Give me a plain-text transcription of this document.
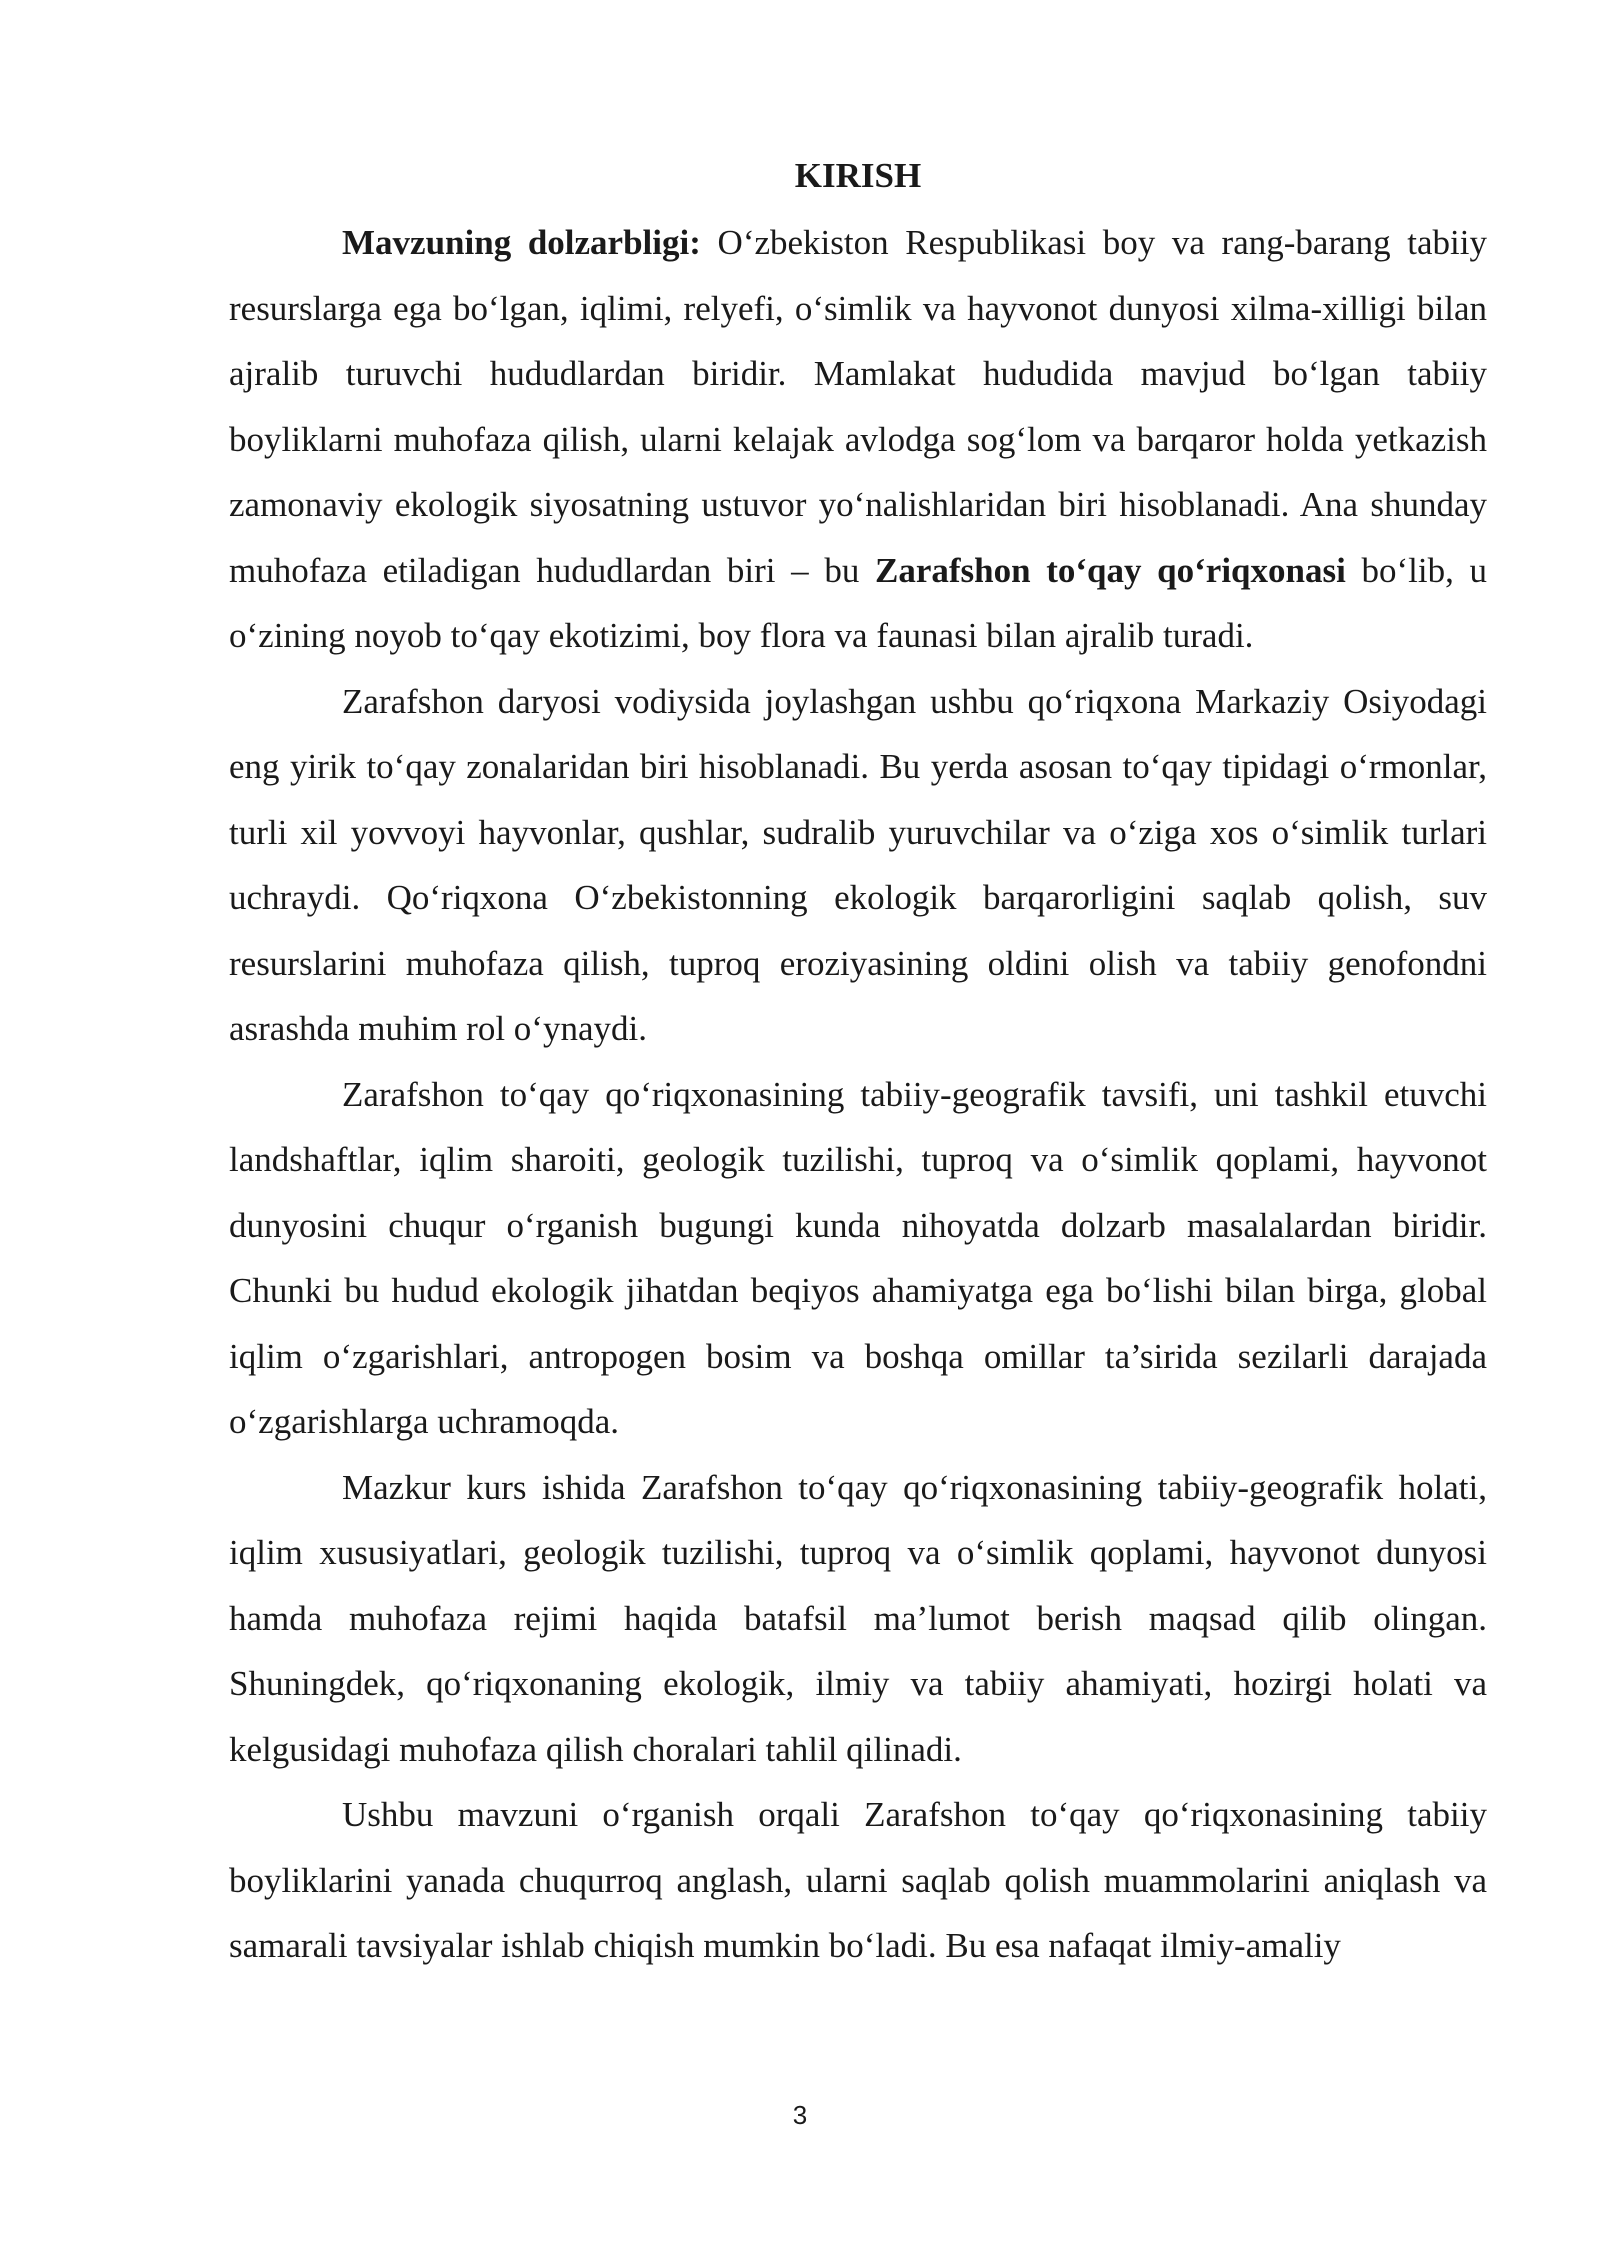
KIRISH

Mavzuning dolzarbligi: O‘zbekiston Respublikasi boy va rang-barang tabiiy resurslarga ega bo‘lgan, iqlimi, relyefi, o‘simlik va hayvonot dunyosi xilma-xilligi bilan ajralib turuvchi hududlardan biridir. Mamlakat hududida mavjud bo‘lgan tabiiy boyliklarni muhofaza qilish, ularni kelajak avlodga sog‘lom va barqaror holda yetkazish zamonaviy ekologik siyosatning ustuvor yo‘nalishlaridan biri hisoblanadi. Ana shunday muhofaza etiladigan hududlardan biri – bu Zarafshon to‘qay qo‘riqxonasi bo‘lib, u o‘zining noyob to‘qay ekotizimi, boy flora va faunasi bilan ajralib turadi.

Zarafshon daryosi vodiysida joylashgan ushbu qo‘riqxona Markaziy Osiyodagi eng yirik to‘qay zonalaridan biri hisoblanadi. Bu yerda asosan to‘qay tipidagi o‘rmonlar, turli xil yovvoyi hayvonlar, qushlar, sudralib yuruvchilar va o‘ziga xos o‘simlik turlari uchraydi. Qo‘riqxona O‘zbekistonning ekologik barqarorligini saqlab qolish, suv resurslarini muhofaza qilish, tuproq eroziyasining oldini olish va tabiiy genofondni asrashda muhim rol o‘ynaydi.

Zarafshon to‘qay qo‘riqxonasining tabiiy-geografik tavsifi, uni tashkil etuvchi landshaftlar, iqlim sharoiti, geologik tuzilishi, tuproq va o‘simlik qoplami, hayvonot dunyosini chuqur o‘rganish bugungi kunda nihoyatda dolzarb masalalardan biridir. Chunki bu hudud ekologik jihatdan beqiyos ahamiyatga ega bo‘lishi bilan birga, global iqlim o‘zgarishlari, antropogen bosim va boshqa omillar ta’sirida sezilarli darajada o‘zgarishlarga uchramoqda.

Mazkur kurs ishida Zarafshon to‘qay qo‘riqxonasining tabiiy-geografik holati, iqlim xususiyatlari, geologik tuzilishi, tuproq va o‘simlik qoplami, hayvonot dunyosi hamda muhofaza rejimi haqida batafsil ma’lumot berish maqsad qilib olingan. Shuningdek, qo‘riqxonaning ekologik, ilmiy va tabiiy ahamiyati, hozirgi holati va kelgusidagi muhofaza qilish choralari tahlil qilinadi.

Ushbu mavzuni o‘rganish orqali Zarafshon to‘qay qo‘riqxonasining tabiiy boyliklarini yanada chuqurroq anglash, ularni saqlab qolish muammolarini aniqlash va samarali tavsiyalar ishlab chiqish mumkin bo‘ladi. Bu esa nafaqat ilmiy-amaliy

3
